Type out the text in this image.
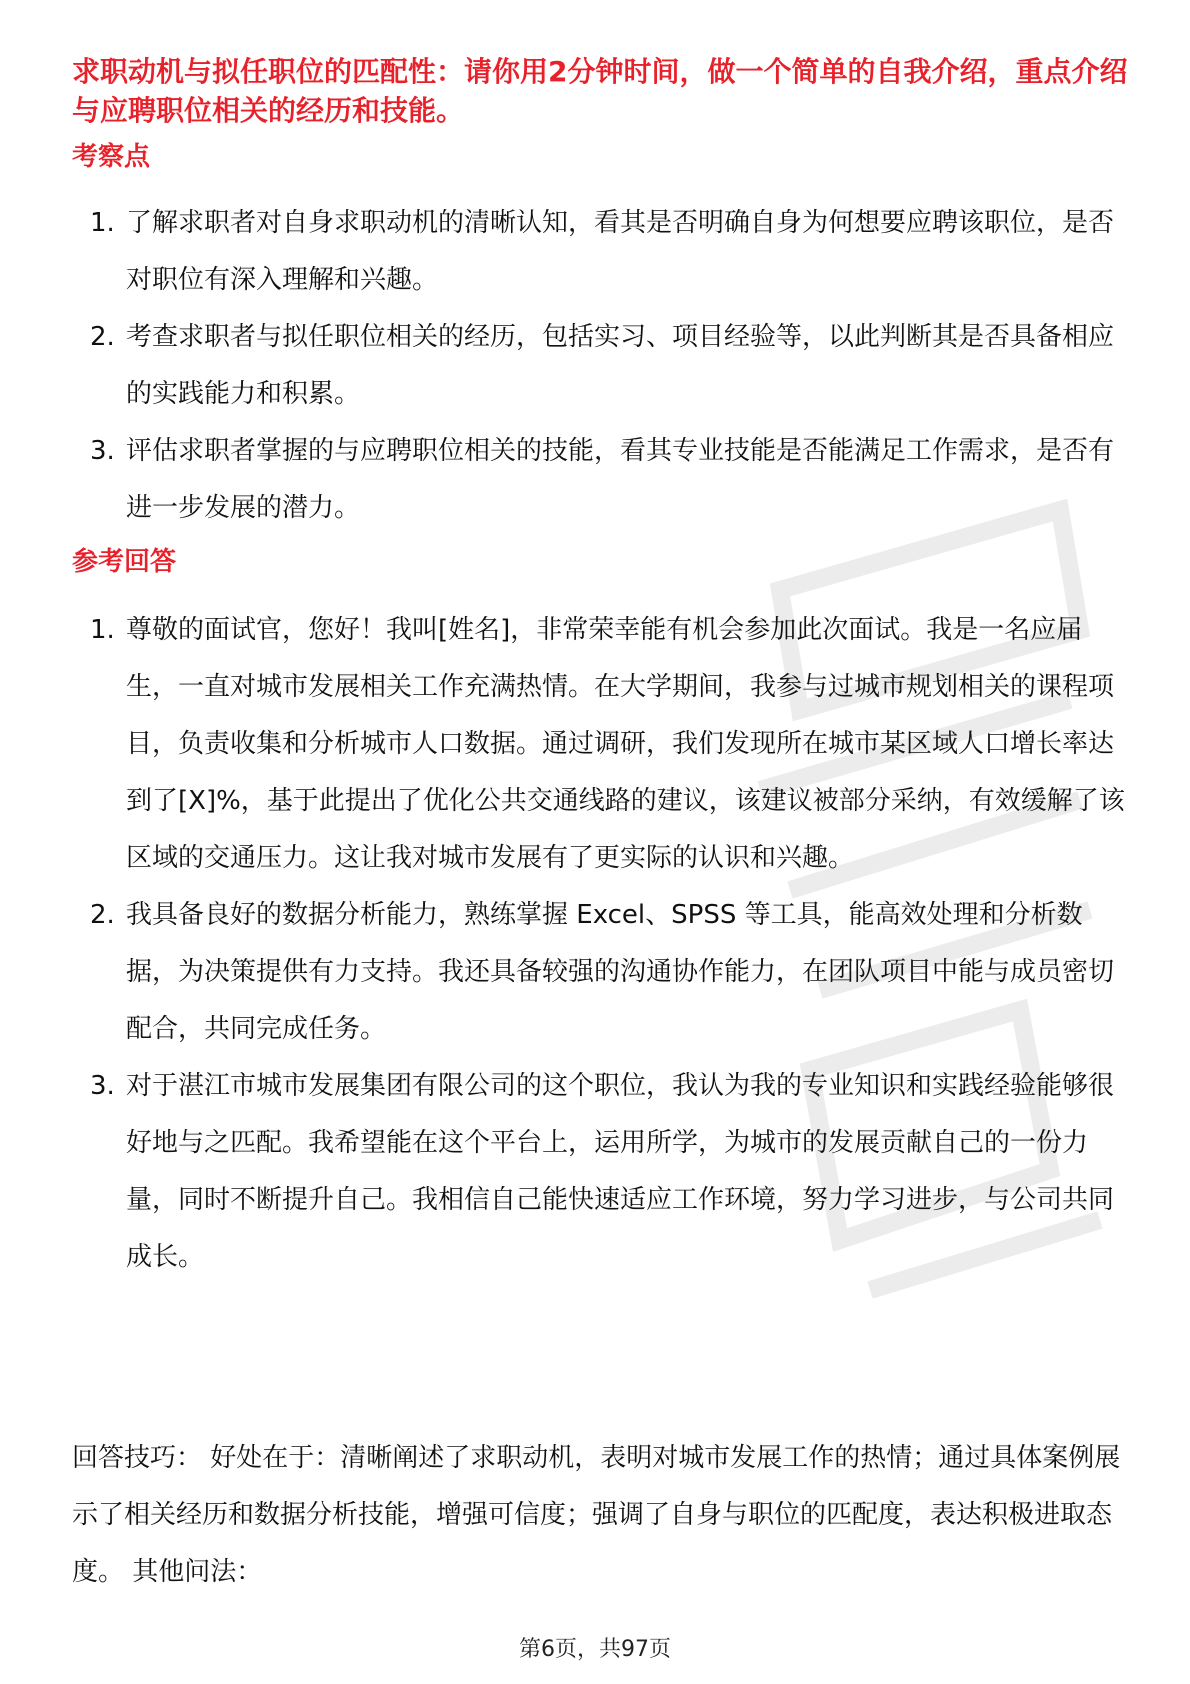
求职动机与拟任职位的匹配性：请你用2分钟时间，做一个简单的自我介绍，重点介绍与应聘职位相关的经历和技能。
考察点
1. 了解求职者对自身求职动机的清晰认知，看其是否明确自身为何想要应聘该职位，是否对职位有深入理解和兴趣。
2. 考查求职者与拟任职位相关的经历，包括实习、项目经验等，以此判断其是否具备相应的实践能力和积累。
3. 评估求职者掌握的与应聘职位相关的技能，看其专业技能是否能满足工作需求，是否有进一步发展的潜力。
参考回答
1. 尊敬的面试官，您好！我叫[姓名]，非常荣幸能有机会参加此次面试。我是一名应届生，一直对城市发展相关工作充满热情。在大学期间，我参与过城市规划相关的课程项目，负责收集和分析城市人口数据。通过调研，我们发现所在城市某区域人口增长率达到了[X]%，基于此提出了优化公共交通线路的建议，该建议被部分采纳，有效缓解了该区域的交通压力。这让我对城市发展有了更实际的认识和兴趣。
2. 我具备良好的数据分析能力，熟练掌握 Excel、SPSS 等工具，能高效处理和分析数据，为决策提供有力支持。我还具备较强的沟通协作能力，在团队项目中能与成员密切配合，共同完成任务。
3. 对于湛江市城市发展集团有限公司的这个职位，我认为我的专业知识和实践经验能够很好地与之匹配。我希望能在这个平台上，运用所学，为城市的发展贡献自己的一份力量，同时不断提升自己。我相信自己能快速适应工作环境，努力学习进步，与公司共同成长。
回答技巧： 好处在于：清晰阐述了求职动机，表明对城市发展工作的热情；通过具体案例展示了相关经历和数据分析技能，增强可信度；强调了自身与职位的匹配度，表达积极进取态度。 其他问法：
第6页，共97页
